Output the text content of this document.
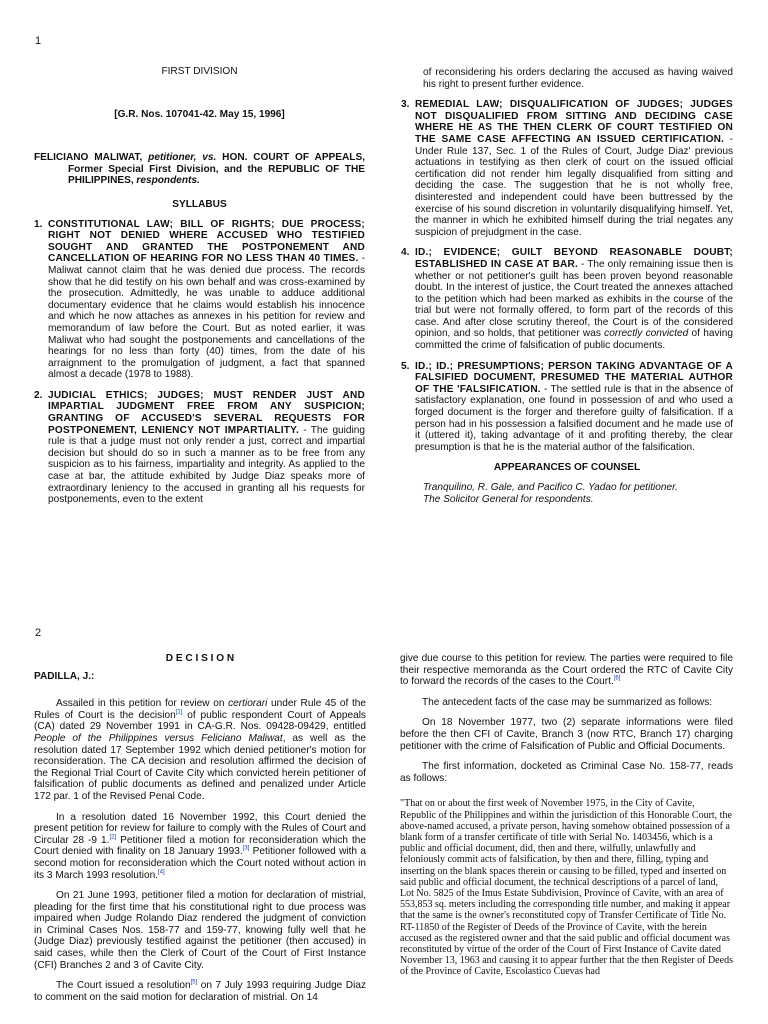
1

FIRST DIVISION

[G.R. Nos. 107041-42. May 15, 1996]

FELICIANO MALIWAT, petitioner, vs. HON. COURT OF APPEALS, Former Special First Division, and the REPUBLIC OF THE PHILIPPINES, respondents.

SYLLABUS

1. CONSTITUTIONAL LAW; BILL OF RIGHTS; DUE PROCESS; RIGHT NOT DENIED WHERE ACCUSED WHO TESTIFIED SOUGHT AND GRANTED THE POSTPONEMENT AND CANCELLATION OF HEARING FOR NO LESS THAN 40 TIMES. - Maliwat cannot claim that he was denied due process. The records show that he did testify on his own behalf and was cross-examined by the prosecution. Admittedly, he was unable to adduce additional documentary evidence that he claims would establish his innocence and which he now attaches as annexes in his petition for review and memorandum of law before the Court. But as noted earlier, it was Maliwat who had sought the postponements and cancellations of the hearings for no less than forty (40) times, from the date of his arraignment to the promulgation of judgment, a fact that spanned almost a decade (1978 to 1988).
2. JUDICIAL ETHICS; JUDGES; MUST RENDER JUST AND IMPARTIAL JUDGMENT FREE FROM ANY SUSPICION; GRANTING OF ACCUSED'S SEVERAL REQUESTS FOR POSTPONEMENT, LENIENCY NOT IMPARTIALITY. - The guiding rule is that a judge must not only render a just, correct and impartial decision but should do so in such a manner as to be free from any suspicion as to his fairness, impartiality and integrity. As applied to the case at bar, the attitude exhibited by Judge Diaz speaks more of extraordinary leniency to the accused in granting all his requests for postponements, even to the extent

of reconsidering his orders declaring the accused as having waived his right to present further evidence.

3. REMEDIAL LAW; DISQUALIFICATION OF JUDGES; JUDGES NOT DISQUALIFIED FROM SITTING AND DECIDING CASE WHERE HE AS THE THEN CLERK OF COURT TESTIFIED ON THE SAME CASE AFFECTING AN ISSUED CERTIFICATION. - Under Rule 137, Sec. 1 of the Rules of Court, Judge Diaz' previous actuations in testifying as then clerk of court on the issued official certification did not render him legally disqualified from sitting and deciding the case. The suggestion that he is not wholly free, disinterested and independent could have been buttressed by the exercise of his sound discretion in voluntarily disqualifying himself. Yet, the manner in which he exhibited himself during the trial negates any suspicion of prejudgment in the case.
4. ID.; EVIDENCE; GUILT BEYOND REASONABLE DOUBT; ESTABLISHED IN CASE AT BAR. - The only remaining issue then is whether or not petitioner's guilt has been proven beyond reasonable doubt. In the interest of justice, the Court treated the annexes attached to the petition which had been marked as exhibits in the course of the trial but were not formally offered, to form part of the records of this case. And after close scrutiny thereof, the Court is of the considered opinion, and so holds, that petitioner was correctly convicted of having committed the crime of falsification of public documents.
5. ID.; ID.; PRESUMPTIONS; PERSON TAKING ADVANTAGE OF A FALSIFIED DOCUMENT, PRESUMED THE MATERIAL AUTHOR OF THE 'FALSIFICATION. - The settled rule is that in the absence of satisfactory explanation, one found in possession of and who used a forged document is the forger and therefore guilty of falsification. If a person had in his possession a falsified document and he made use of it (uttered it), taking advantage of it and profiting thereby, the clear presumption is that he is the material author of the falsification.

APPEARANCES OF COUNSEL

Tranquilino, R. Gale, and Pacifico C. Yadao for petitioner.

The Solicitor General for respondents.

2

D E C I S I O N

PADILLA, J.:

Assailed in this petition for review on certiorari under Rule 45 of the Rules of Court is the decision[1] of public respondent Court of Appeals (CA) dated 29 November 1991 in CA-G.R. Nos. 09428-09429, entitled People of the Philippines versus Feliciano Maliwat, as well as the resolution dated 17 September 1992 which denied petitioner's motion for reconsideration. The CA decision and resolution affirmed the decision of the Regional Trial Court of Cavite City which convicted herein petitioner of falsification of public documents as defined and penalized under Article 172 par. 1 of the Revised Penal Code.

In a resolution dated 16 November 1992, this Court denied the present petition for review for failure to comply with the Rules of Court and Circular 28 -9 1.[2] Petitioner filed a motion for reconsideration which the Court denied with finality on 18 January 1993.[3] Petitioner followed with a second motion for reconsideration which the Court noted without action in its 3 March 1993 resolution.[4]

On 21 June 1993, petitioner filed a motion for declaration of mistrial, pleading for the first time that his constitutional right to due process was impaired when Judge Rolando Diaz rendered the judgment of conviction in Criminal Cases Nos. 158-77 and 159-77, knowing fully well that he (Judge Diaz) previously testified against the petitioner (then accused) in said cases, while then the Clerk of Court of the Court of First Instance (CFI) Branches 2 and 3 of Cavite City.

The Court issued a resolution[5] on 7 July 1993 requiring Judge Diaz to comment on the said motion for declaration of mistrial. On 14

give due course to this petition for review. The parties were required to file their respective memoranda as the Court ordered the RTC of Cavite City to forward the records of the cases to the Court.[6]

The antecedent facts of the case may be summarized as follows:

On 18 November 1977, two (2) separate informations were filed before the then CFI of Cavite, Branch 3 (now RTC, Branch 17) charging petitioner with the crime of Falsification of Public and Official Documents.

The first information, docketed as Criminal Case No. 158-77, reads as follows:

"That on or about the first week of November 1975, in the City of Cavite, Republic of the Philippines and within the jurisdiction of this Honorable Court, the above-named accused, a private person, having somehow obtained possession of a blank form of a transfer certificate of title with Serial No. 1403456, which is a public and official document, did, then and there, wilfully, unlawfully and feloniously commit acts of falsification, by then and there, filling, typing and inserting on the blank spaces therein or causing to be filled, typed and inserted on said public and official document, the technical descriptions of a parcel of land, Lot No. 5825 of the Imus Estate Subdivision, Province of Cavite, with an area of 553,853 sq. meters including the corresponding title number, and making it appear that the same is the owner's reconstituted copy of Transfer Certificate of Title No. RT-11850 of the Register of Deeds of the Province of Cavite, with the herein accused as the registered owner and that the said public and official document was reconstituted by virtue of the order of the Court of First Instance of Cavite dated November 13, 1963 and causing it to appear further that the then Register of Deeds of the Province of Cavite, Escolastico Cuevas had
